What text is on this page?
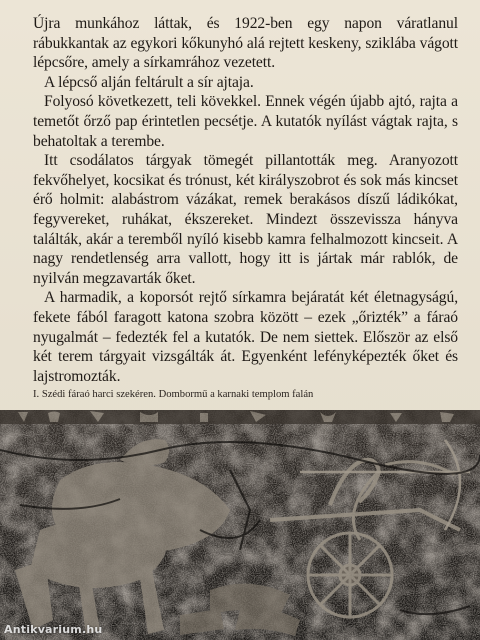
Újra munkához láttak, és 1922-ben egy napon váratlanul rábukkantak az egykori kőkunyhó alá rejtett keskeny, sziklába vágott lépcsőre, amely a sírkamrához vezetett.

A lépcső alján feltárult a sír ajtaja.

Folyosó következett, teli kövekkel. Ennek végén újabb ajtó, rajta a temetőt őrző pap érintetlen pecsétje. A kutatók nyílást vágtak rajta, s behatoltak a terembe.

Itt csodálatos tárgyak tömegét pillantották meg. Aranyozott fekvőhelyet, kocsikat és trónust, két királyszobrot és sok más kincset érő holmit: alabástrom vázákat, remek berakásos díszű ládikókat, fegyvereket, ruhákat, ékszereket. Mindezt összevissza hányva találták, akár a teremből nyíló kisebb kamra felhalmozott kincseit. A nagy rendetlenség arra vallott, hogy itt is jártak már rablók, de nyilván megzavarták őket.

A harmadik, a koporsót rejtő sírkamra bejáratát két életnagyságú, fekete fából faragott katona szobra között – ezek „őrizték” a fáraó nyugalmát – fedezték fel a kutatók. De nem siettek. Először az első két terem tárgyait vizsgálták át. Egyenként lefényképezték őket és lajstromozták.

I. Szédi fáraó harci szekéren. Dombormű a karnaki templom falán
Antikvarium.hu
